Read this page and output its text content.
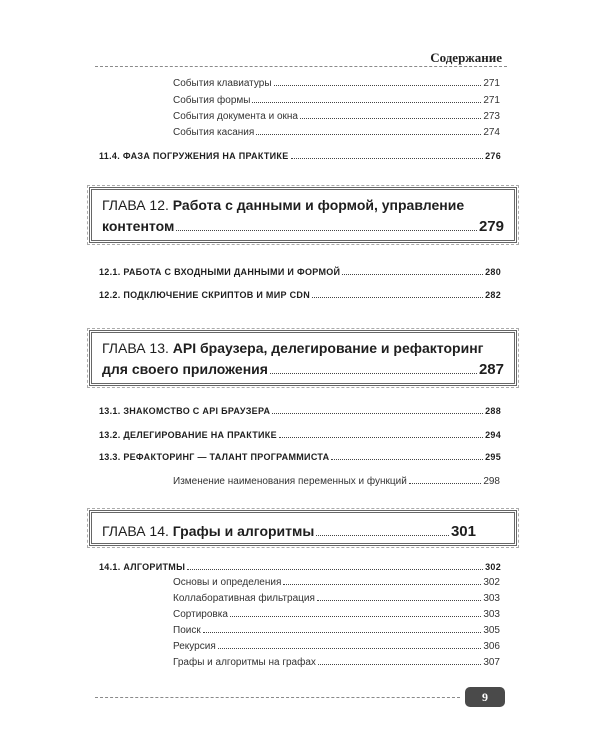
Содержание
События клавиатуры	271
События формы	271
События документа и окна	273
События касания	274
11.4. ФАЗА ПОГРУЖЕНИЯ НА ПРАКТИКЕ	276
ГЛАВА 12. Работа с данными и формой, управление
контентом	279
12.1. РАБОТА С ВХОДНЫМИ ДАННЫМИ И ФОРМОЙ	280
12.2. ПОДКЛЮЧЕНИЕ СКРИПТОВ И МИР CDN	282
ГЛАВА 13. API браузера, делегирование и рефакторинг
для своего приложения	287
13.1. ЗНАКОМСТВО С API БРАУЗЕРА	288
13.2. ДЕЛЕГИРОВАНИЕ НА ПРАКТИКЕ	294
13.3. РЕФАКТОРИНГ — ТАЛАНТ ПРОГРАММИСТА	295
Изменение наименования переменных и функций	298
ГЛАВА 14.
Графы и алгоритмы	301
14.1. АЛГОРИТМЫ	302
Основы и определения	302
Коллаборативная фильтрация	303
Сортировка	303
Поиск	305
Рекурсия	306
Графы и алгоритмы на графах	307
9
